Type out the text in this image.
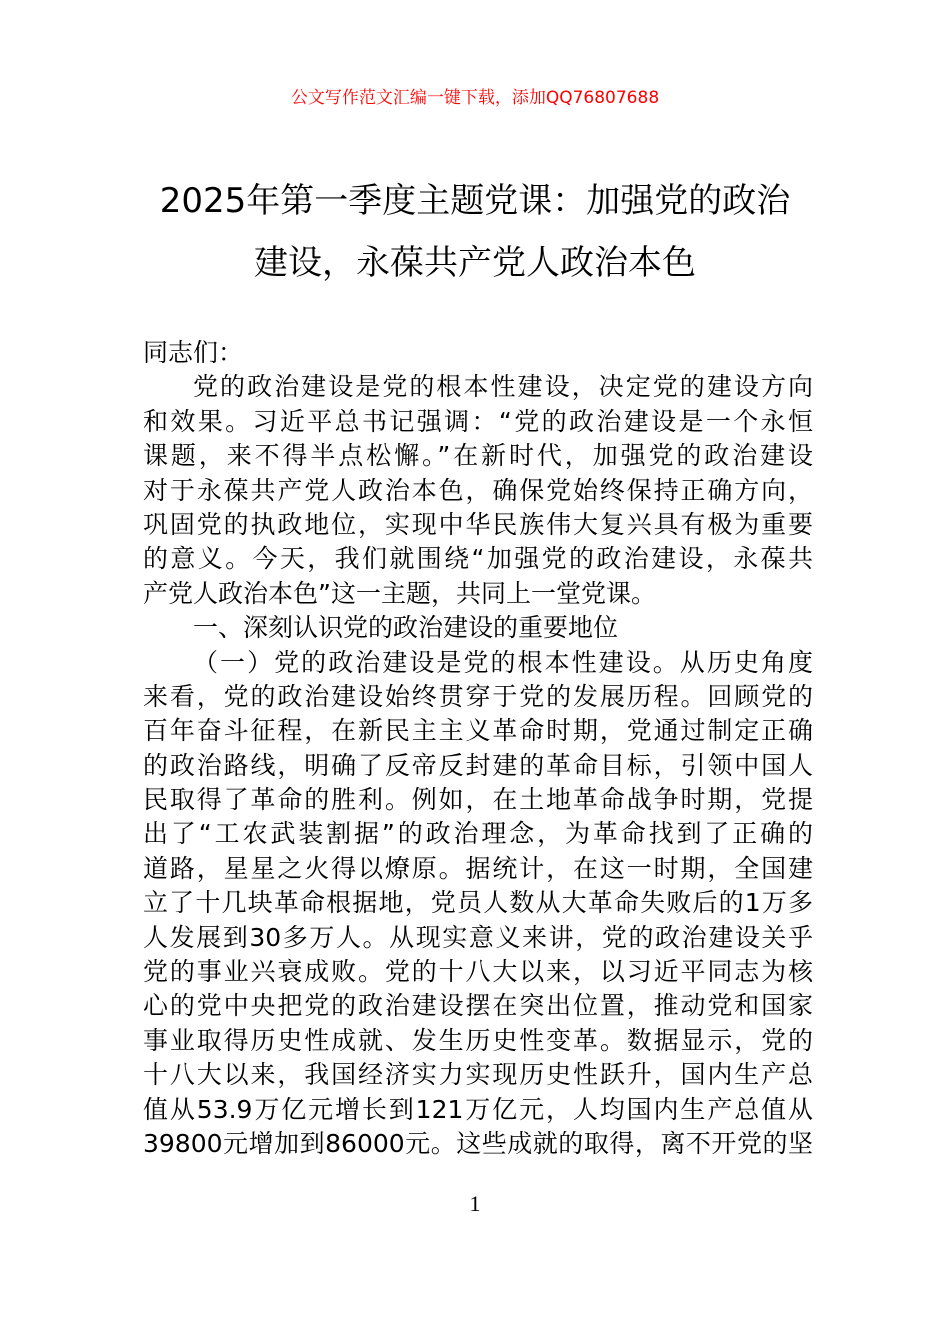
公文写作范文汇编一键下载，添加QQ76807688
2025年第一季度主题党课：加强党的政治
建设，永葆共产党人政治本色
同志们：
党的政治建设是党的根本性建设，决定党的建设方向
和效果。习近平总书记强调：“党的政治建设是一个永恒
课题，来不得半点松懈。”在新时代，加强党的政治建设
对于永葆共产党人政治本色，确保党始终保持正确方向，
巩固党的执政地位，实现中华民族伟大复兴具有极为重要
的意义。今天，我们就围绕“加强党的政治建设，永葆共
产党人政治本色”这一主题，共同上一堂党课。
一、深刻认识党的政治建设的重要地位
（一）党的政治建设是党的根本性建设。从历史角度
来看，党的政治建设始终贯穿于党的发展历程。回顾党的
百年奋斗征程，在新民主主义革命时期，党通过制定正确
的政治路线，明确了反帝反封建的革命目标，引领中国人
民取得了革命的胜利。例如，在土地革命战争时期，党提
出了“工农武装割据”的政治理念，为革命找到了正确的
道路，星星之火得以燎原。据统计，在这一时期，全国建
立了十几块革命根据地，党员人数从大革命失败后的1万多
人发展到30多万人。从现实意义来讲，党的政治建设关乎
党的事业兴衰成败。党的十八大以来，以习近平同志为核
心的党中央把党的政治建设摆在突出位置，推动党和国家
事业取得历史性成就、发生历史性变革。数据显示，党的
十八大以来，我国经济实力实现历史性跃升，国内生产总
值从53.9万亿元增长到121万亿元，人均国内生产总值从
39800元增加到86000元。这些成就的取得，离不开党的坚
1
